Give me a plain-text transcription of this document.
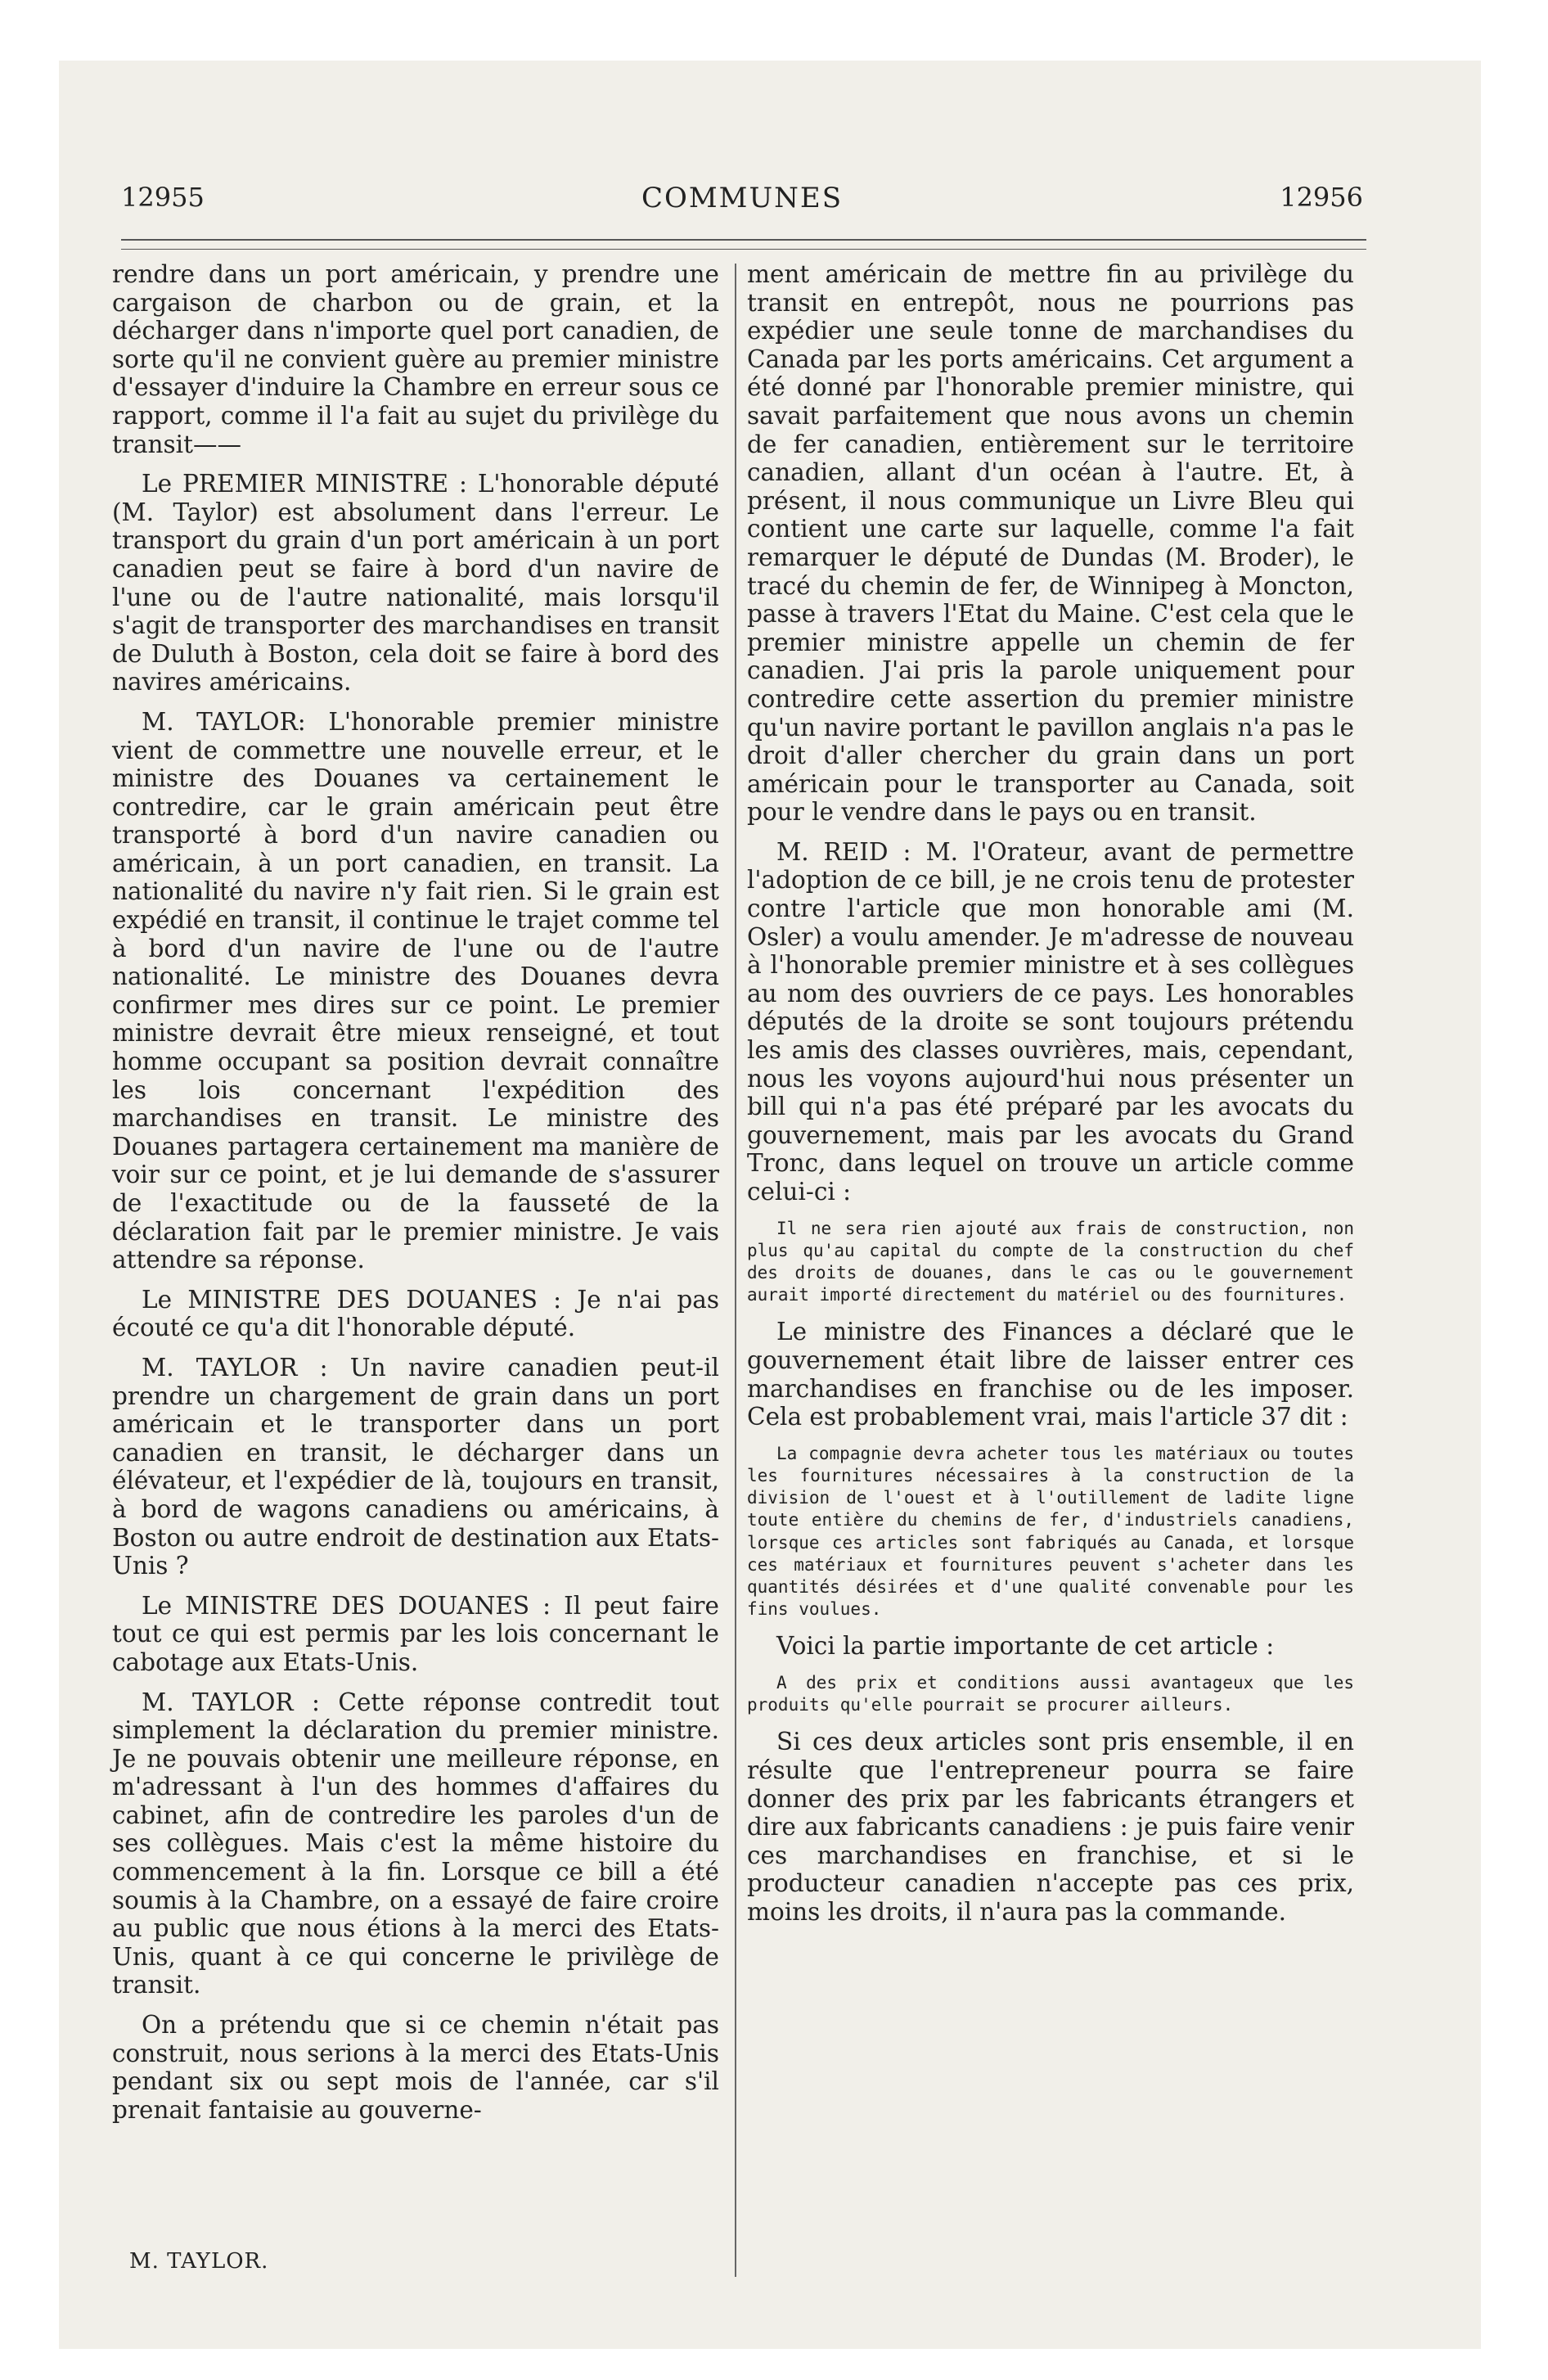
12955	COMMUNES	12956

rendre dans un port américain, y prendre une cargaison de charbon ou de grain, et la décharger dans n'importe quel port canadien, de sorte qu'il ne convient guère au premier ministre d'essayer d'induire la Chambre en erreur sous ce rapport, comme il l'a fait au sujet du privilège du transit——

Le PREMIER MINISTRE : L'honorable député (M. Taylor) est absolument dans l'erreur. Le transport du grain d'un port américain à un port canadien peut se faire à bord d'un navire de l'une ou de l'autre nationalité, mais lorsqu'il s'agit de transporter des marchandises en transit de Duluth à Boston, cela doit se faire à bord des navires américains.

M. TAYLOR: L'honorable premier ministre vient de commettre une nouvelle erreur, et le ministre des Douanes va certainement le contredire, car le grain américain peut être transporté à bord d'un navire canadien ou américain, à un port canadien, en transit. La nationalité du navire n'y fait rien. Si le grain est expédié en transit, il continue le trajet comme tel à bord d'un navire de l'une ou de l'autre nationalité. Le ministre des Douanes devra confirmer mes dires sur ce point. Le premier ministre devrait être mieux renseigné, et tout homme occupant sa position devrait connaître les lois concernant l'expédition des marchandises en transit. Le ministre des Douanes partagera certainement ma manière de voir sur ce point, et je lui demande de s'assurer de l'exactitude ou de la fausseté de la déclaration fait par le premier ministre. Je vais attendre sa réponse.

Le MINISTRE DES DOUANES : Je n'ai pas écouté ce qu'a dit l'honorable député.

M. TAYLOR : Un navire canadien peut-il prendre un chargement de grain dans un port américain et le transporter dans un port canadien en transit, le décharger dans un élévateur, et l'expédier de là, toujours en transit, à bord de wagons canadiens ou américains, à Boston ou autre endroit de destination aux Etats-Unis ?

Le MINISTRE DES DOUANES : Il peut faire tout ce qui est permis par les lois concernant le cabotage aux Etats-Unis.

M. TAYLOR : Cette réponse contredit tout simplement la déclaration du premier ministre. Je ne pouvais obtenir une meilleure réponse, en m'adressant à l'un des hommes d'affaires du cabinet, afin de contredire les paroles d'un de ses collègues. Mais c'est la même histoire du commencement à la fin. Lorsque ce bill a été soumis à la Chambre, on a essayé de faire croire au public que nous étions à la merci des Etats-Unis, quant à ce qui concerne le privilège de transit.

On a prétendu que si ce chemin n'était pas construit, nous serions à la merci des Etats-Unis pendant six ou sept mois de l'année, car s'il prenait fantaisie au gouverne-

ment américain de mettre fin au privilège du transit en entrepôt, nous ne pourrions pas expédier une seule tonne de marchandises du Canada par les ports américains. Cet argument a été donné par l'honorable premier ministre, qui savait parfaitement que nous avons un chemin de fer canadien, entièrement sur le territoire canadien, allant d'un océan à l'autre. Et, à présent, il nous communique un Livre Bleu qui contient une carte sur laquelle, comme l'a fait remarquer le député de Dundas (M. Broder), le tracé du chemin de fer, de Winnipeg à Moncton, passe à travers l'Etat du Maine. C'est cela que le premier ministre appelle un chemin de fer canadien. J'ai pris la parole uniquement pour contredire cette assertion du premier ministre qu'un navire portant le pavillon anglais n'a pas le droit d'aller chercher du grain dans un port américain pour le transporter au Canada, soit pour le vendre dans le pays ou en transit.

M. REID : M. l'Orateur, avant de permettre l'adoption de ce bill, je ne crois tenu de protester contre l'article que mon honorable ami (M. Osler) a voulu amender. Je m'adresse de nouveau à l'honorable premier ministre et à ses collègues au nom des ouvriers de ce pays. Les honorables députés de la droite se sont toujours prétendu les amis des classes ouvrières, mais, cependant, nous les voyons aujourd'hui nous présenter un bill qui n'a pas été préparé par les avocats du gouvernement, mais par les avocats du Grand Tronc, dans lequel on trouve un article comme celui-ci :

Il ne sera rien ajouté aux frais de construction, non plus qu'au capital du compte de la construction du chef des droits de douanes, dans le cas ou le gouvernement aurait importé directement du matériel ou des fournitures.

Le ministre des Finances a déclaré que le gouvernement était libre de laisser entrer ces marchandises en franchise ou de les imposer. Cela est probablement vrai, mais l'article 37 dit :

La compagnie devra acheter tous les matériaux ou toutes les fournitures nécessaires à la construction de la division de l'ouest et à l'outillement de ladite ligne toute entière du chemins de fer, d'industriels canadiens, lorsque ces articles sont fabriqués au Canada, et lorsque ces matériaux et fournitures peuvent s'acheter dans les quantités désirées et d'une qualité convenable pour les fins voulues.

Voici la partie importante de cet article :

A des prix et conditions aussi avantageux que les produits qu'elle pourrait se procurer ailleurs.

Si ces deux articles sont pris ensemble, il en résulte que l'entrepreneur pourra se faire donner des prix par les fabricants étrangers et dire aux fabricants canadiens : je puis faire venir ces marchandises en franchise, et si le producteur canadien n'accepte pas ces prix, moins les droits, il n'aura pas la commande.

M. TAYLOR.
